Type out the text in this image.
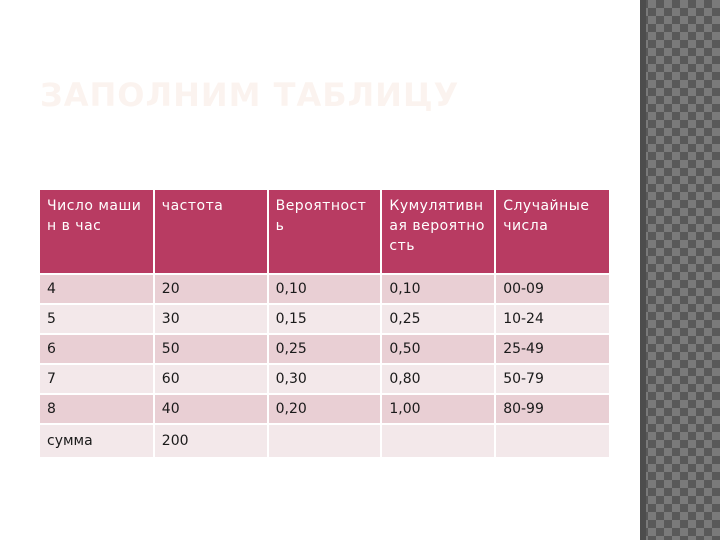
ЗАПОЛНИМ ТАБЛИЦУ
Число машин в час	частота	Вероятность	Кумулятивная вероятность	Случайные числа
4	20	0,10	0,10	00-09
5	30	0,15	0,25	10-24
6	50	0,25	0,50	25-49
7	60	0,30	0,80	50-79
8	40	0,20	1,00	80-99
сумма	200			
